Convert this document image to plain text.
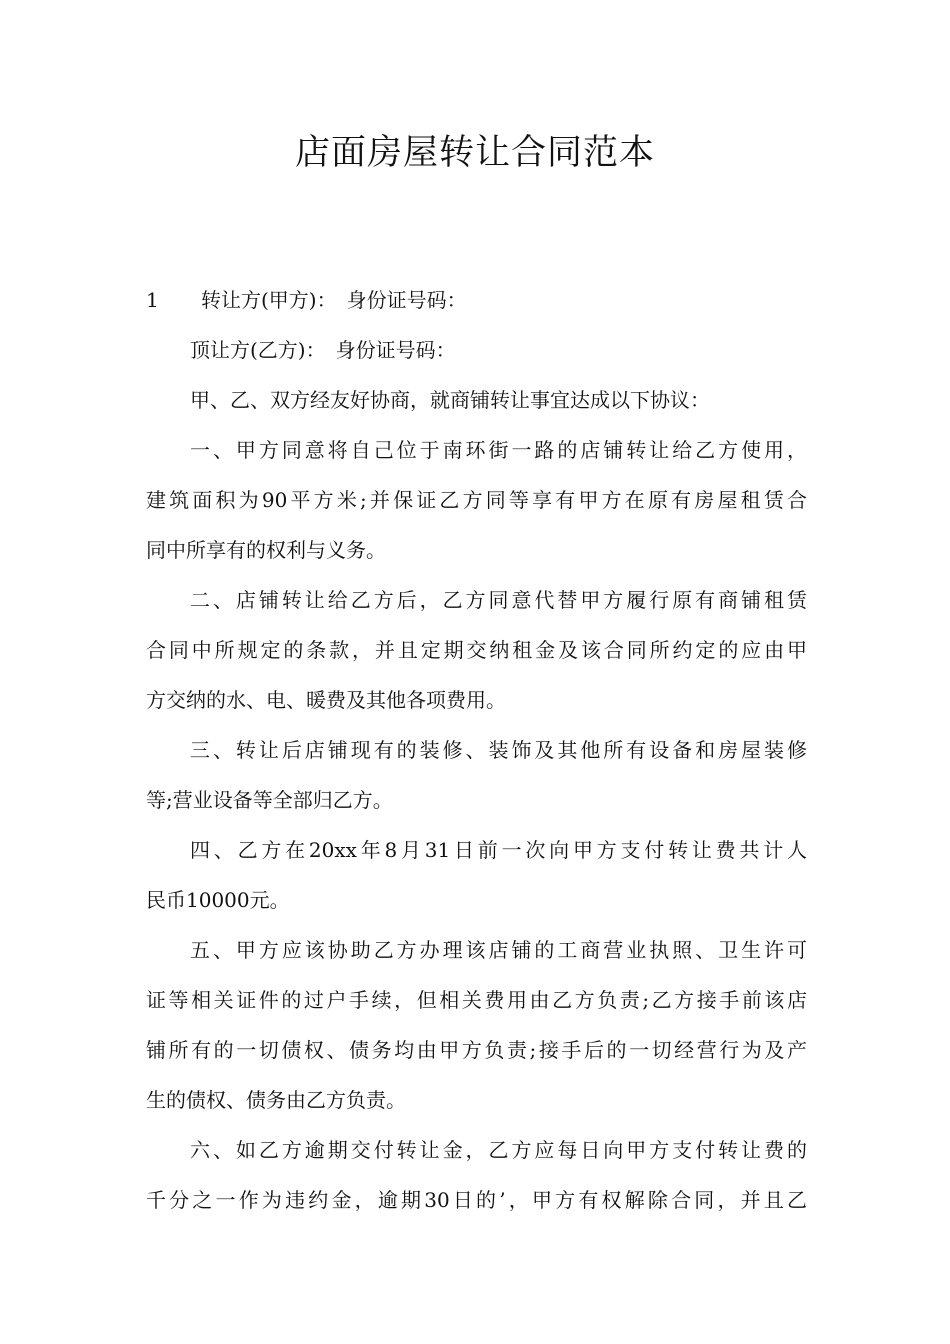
店面房屋转让合同范本
1 转让方(甲方)：　身份证号码：
顶让方(乙方)：　身份证号码：
甲、乙、双方经友好协商，就商铺转让事宜达成以下协议：
一、甲方同意将自己位于南环街一路的店铺转让给乙方使用，
建筑面积为90平方米;并保证乙方同等享有甲方在原有房屋租赁合
同中所享有的权利与义务。
二、店铺转让给乙方后，乙方同意代替甲方履行原有商铺租赁
合同中所规定的条款，并且定期交纳租金及该合同所约定的应由甲
方交纳的水、电、暖费及其他各项费用。
三、转让后店铺现有的装修、装饰及其他所有设备和房屋装修
等;营业设备等全部归乙方。
四、乙方在20xx年8月31日前一次向甲方支付转让费共计人
民币10000元。
五、甲方应该协助乙方办理该店铺的工商营业执照、卫生许可
证等相关证件的过户手续，但相关费用由乙方负责;乙方接手前该店
铺所有的一切债权、债务均由甲方负责;接手后的一切经营行为及产
生的债权、债务由乙方负责。
六、如乙方逾期交付转让金，乙方应每日向甲方支付转让费的
千分之一作为违约金，逾期30日的’，甲方有权解除合同，并且乙
